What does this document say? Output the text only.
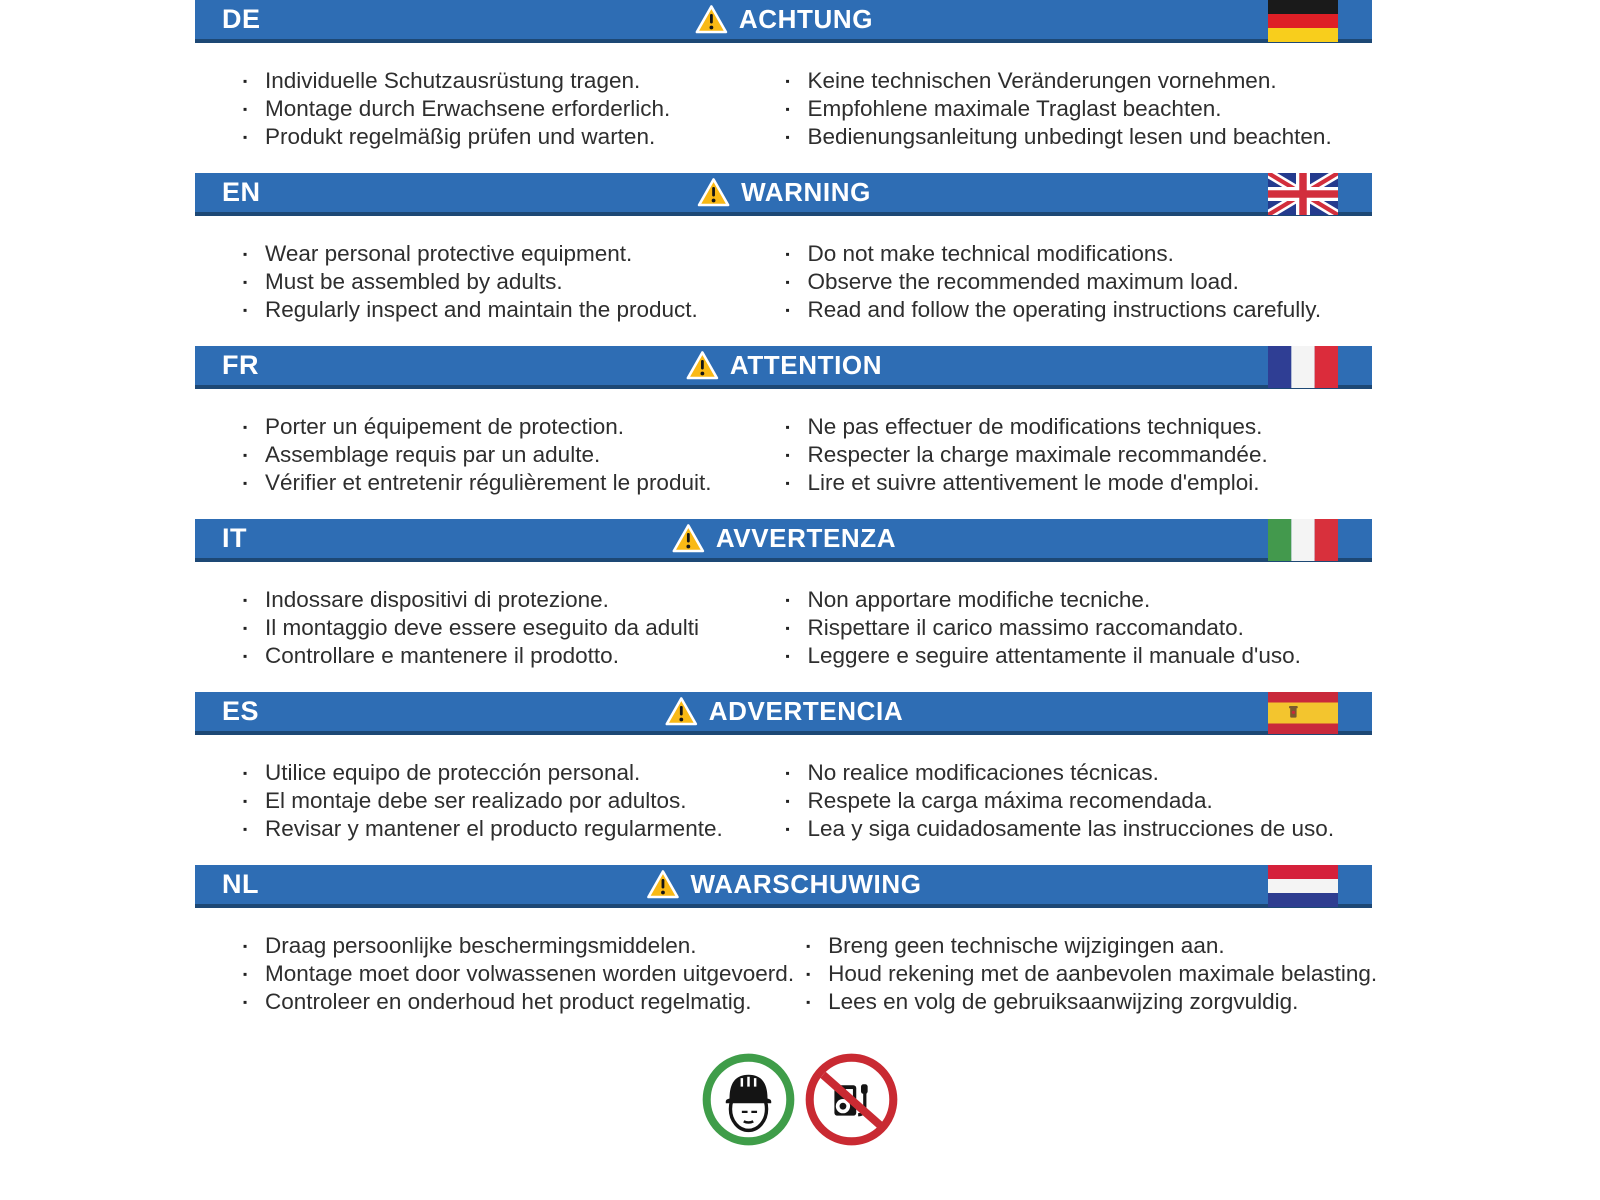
DE	ACHTUNG
▪ Individuelle Schutzausrüstung tragen.
▪ Montage durch Erwachsene erforderlich.
▪ Produkt regelmäßig prüfen und warten.
▪ Keine technischen Veränderungen vornehmen.
▪ Empfohlene maximale Traglast beachten.
▪ Bedienungsanleitung unbedingt lesen und beachten.
EN	WARNING
▪ Wear personal protective equipment.
▪ Must be assembled by adults.
▪ Regularly inspect and maintain the product.
▪ Do not make technical modifications.
▪ Observe the recommended maximum load.
▪ Read and follow the operating instructions carefully.
FR	ATTENTION
▪ Porter un équipement de protection.
▪ Assemblage requis par un adulte.
▪ Vérifier et entretenir régulièrement le produit.
▪ Ne pas effectuer de modifications techniques.
▪ Respecter la charge maximale recommandée.
▪ Lire et suivre attentivement le mode d'emploi.
IT	AVVERTENZA
▪ Indossare dispositivi di protezione.
▪ Il montaggio deve essere eseguito da adulti
▪ Controllare e mantenere il prodotto.
▪ Non apportare modifiche tecniche.
▪ Rispettare il carico massimo raccomandato.
▪ Leggere e seguire attentamente il manuale d'uso.
ES	ADVERTENCIA
▪ Utilice equipo de protección personal.
▪ El montaje debe ser realizado por adultos.
▪ Revisar y mantener el producto regularmente.
▪ No realice modificaciones técnicas.
▪ Respete la carga máxima recomendada.
▪ Lea y siga cuidadosamente las instrucciones de uso.
NL	WAARSCHUWING
▪ Draag persoonlijke beschermingsmiddelen.
▪ Montage moet door volwassenen worden uitgevoerd.
▪ Controleer en onderhoud het product regelmatig.
▪ Breng geen technische wijzigingen aan.
▪ Houd rekening met de aanbevolen maximale belasting.
▪ Lees en volg de gebruiksaanwijzing zorgvuldig.
